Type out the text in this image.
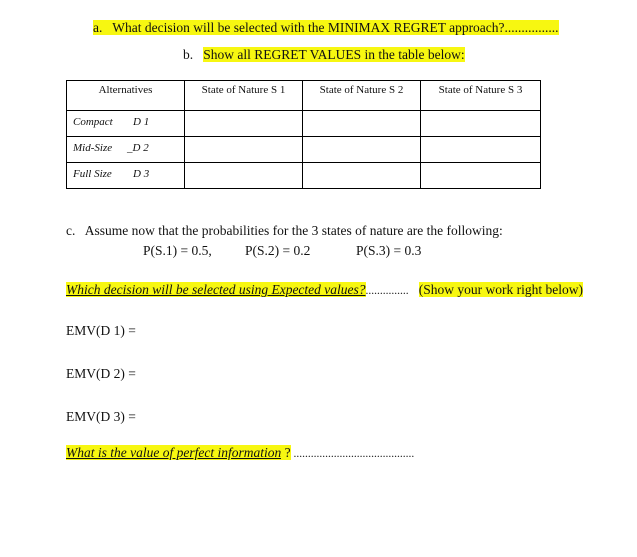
a. What decision will be selected with the MINIMAX REGRET approach?................
b. Show all REGRET VALUES in the table below:
Alternatives	State of Nature S 1	State of Nature S 2	State of Nature S 3

Compact D 1			

Mid-Size _D 2			

Full Size D 3			

c. Assume now that the probabilities for the 3 states of nature are the following:
P(S.1) = 0.5, P(S.2) = 0.2	P(S.3) = 0.3
Which decision will be selected using Expected values?............... (Show your work right below)
EMV(D 1) =
EMV(D 2) =
EMV(D 3) =
What is the value of perfect information ? ..........................................
